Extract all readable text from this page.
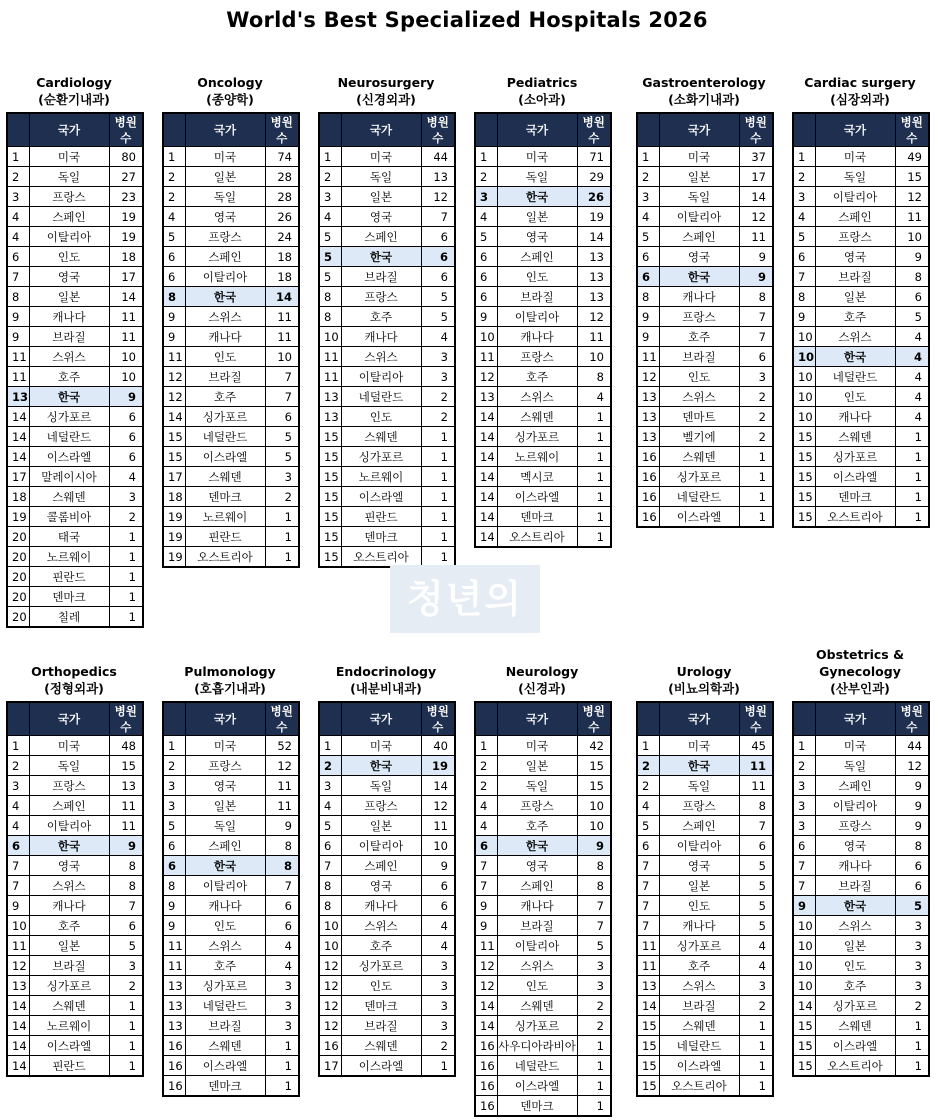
World's Best Specialized Hospitals 2026
Cardiology
(순환기내과)
	국가	병원수
1	미국	80
2	독일	27
3	프랑스	23
4	스페인	19
4	이탈리아	19
6	인도	18
7	영국	17
8	일본	14
9	캐나다	11
9	브라질	11
11	스위스	10
11	호주	10
13	한국	9
14	싱가포르	6
14	네덜란드	6
14	이스라엘	6
17	말레이시아	4
18	스웨덴	3
19	콜롬비아	2
20	태국	1
20	노르웨이	1
20	핀란드	1
20	덴마크	1
20	칠레	1
Oncology
(종양학)
	국가	병원수
1	미국	74
2	일본	28
2	독일	28
4	영국	26
5	프랑스	24
6	스페인	18
6	이탈리아	18
8	한국	14
9	스위스	11
9	캐나다	11
11	인도	10
12	브라질	7
12	호주	7
14	싱가포르	6
15	네덜란드	5
15	이스라엘	5
17	스웨덴	3
18	덴마크	2
19	노르웨이	1
19	핀란드	1
19	오스트리아	1
Neurosurgery
(신경외과)
	국가	병원수
1	미국	44
2	독일	13
3	일본	12
4	영국	7
5	스페인	6
5	한국	6
5	브라질	6
8	프랑스	5
8	호주	5
10	캐나다	4
11	스위스	3
11	이탈리아	3
13	네덜란드	2
13	인도	2
15	스웨덴	1
15	싱가포르	1
15	노르웨이	1
15	이스라엘	1
15	핀란드	1
15	덴마크	1
15	오스트리아	1
Pediatrics
(소아과)
	국가	병원수
1	미국	71
2	독일	29
3	한국	26
4	일본	19
5	영국	14
6	스페인	13
6	인도	13
6	브라질	13
9	이탈리아	12
10	캐나다	11
11	프랑스	10
12	호주	8
13	스위스	4
14	스웨덴	1
14	싱가포르	1
14	노르웨이	1
14	멕시코	1
14	이스라엘	1
14	덴마크	1
14	오스트리아	1
Gastroenterology
(소화기내과)
	국가	병원수
1	미국	37
2	일본	17
3	독일	14
4	이탈리아	12
5	스페인	11
6	영국	9
6	한국	9
8	캐나다	8
9	프랑스	7
9	호주	7
11	브라질	6
12	인도	3
13	스위스	2
13	덴마트	2
13	벨기에	2
16	스웨덴	1
16	싱가포르	1
16	네덜란드	1
16	이스라엘	1
Cardiac surgery
(심장외과)
	국가	병원수
1	미국	49
2	독일	15
3	이탈리아	12
4	스페인	11
5	프랑스	10
6	영국	9
7	브라질	8
8	일본	6
9	호주	5
10	스위스	4
10	한국	4
10	네덜란드	4
10	인도	4
10	캐나다	4
15	스웨덴	1
15	싱가포르	1
15	이스라엘	1
15	덴마크	1
15	오스트리아	1
Orthopedics
(정형외과)
	국가	병원수
1	미국	48
2	독일	15
3	프랑스	13
4	스페인	11
4	이탈리아	11
6	한국	9
7	영국	8
7	스위스	8
9	캐나다	7
10	호주	6
11	일본	5
12	브라질	3
13	싱가포르	2
14	스웨덴	1
14	노르웨이	1
14	이스라엘	1
14	핀란드	1
Pulmonology
(호흡기내과)
	국가	병원수
1	미국	52
2	프랑스	12
3	영국	11
3	일본	11
5	독일	9
6	스페인	8
6	한국	8
8	이탈리아	7
9	캐나다	6
9	인도	6
11	스위스	4
11	호주	4
13	싱가포르	3
13	네덜란드	3
13	브라질	3
16	스웨덴	1
16	이스라엘	1
16	덴마크	1
Endocrinology
(내분비내과)
	국가	병원수
1	미국	40
2	한국	19
3	독일	14
4	프랑스	12
5	일본	11
6	이탈리아	10
7	스페인	9
8	영국	6
8	캐나다	6
10	스위스	4
10	호주	4
12	싱가포르	3
12	인도	3
12	덴마크	3
12	브라질	3
16	스웨덴	2
17	이스라엘	1
Neurology
(신경과)
	국가	병원수
1	미국	42
2	일본	15
2	독일	15
4	프랑스	10
4	호주	10
6	한국	9
7	영국	8
7	스페인	8
9	캐나다	7
9	브라질	7
11	이탈리아	5
12	스위스	3
12	인도	3
14	스웨덴	2
14	싱가포르	2
16	사우디아라비아	1
16	네덜란드	1
16	이스라엘	1
16	덴마크	1
Urology
(비뇨의학과)
	국가	병원수
1	미국	45
2	한국	11
2	독일	11
4	프랑스	8
5	스페인	7
6	이탈리아	6
7	영국	5
7	일본	5
7	인도	5
7	캐나다	5
11	싱가포르	4
11	호주	4
13	스위스	3
14	브라질	2
15	스웨덴	1
15	네덜란드	1
15	이스라엘	1
15	오스트리아	1
Obstetrics &
Gynecology
(산부인과)
	국가	병원수
1	미국	44
2	독일	12
3	스페인	9
3	이탈리아	9
3	프랑스	9
6	영국	8
7	캐나다	6
7	브라질	6
9	한국	5
10	스위스	3
10	일본	3
10	인도	3
10	호주	3
14	싱가포르	2
15	스웨덴	1
15	이스라엘	1
15	오스트리아	1
청년의사
